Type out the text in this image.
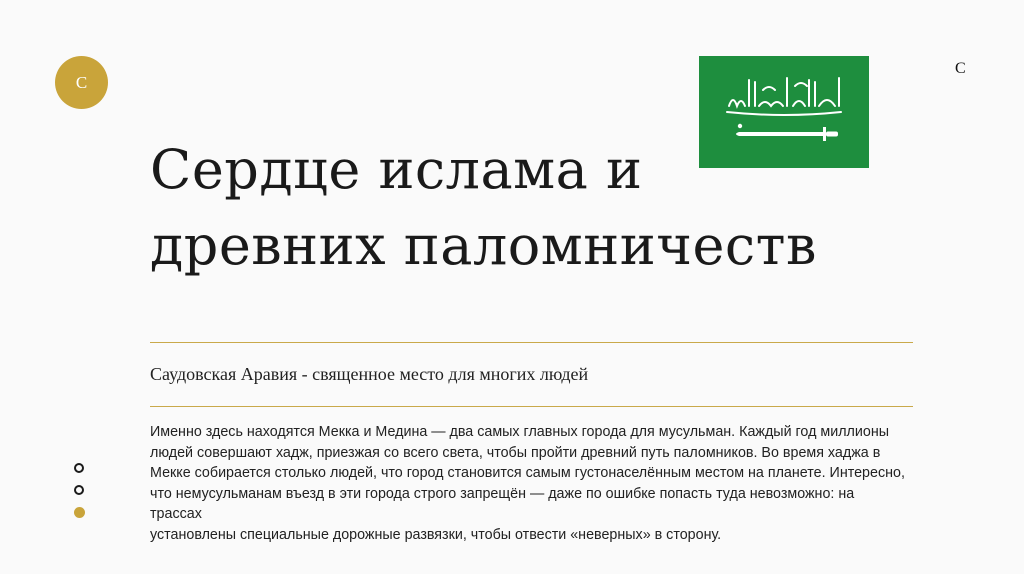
С
С
Сердце ислама и
древних паломничеств
Саудовская Аравия - священное место для многих людей

Именно здесь находятся Мекка и Медина — два самых главных города для мусульман. Каждый год миллионы
людей совершают хадж, приезжая со всего света, чтобы пройти древний путь паломников. Во время хаджа в
Мекке собирается столько людей, что город становится самым густонаселённым местом на планете. Интересно,
что немусульманам въезд в эти города строго запрещён — даже по ошибке попасть туда невозможно: на трассах
установлены специальные дорожные развязки, чтобы отвести «неверных» в сторону.
